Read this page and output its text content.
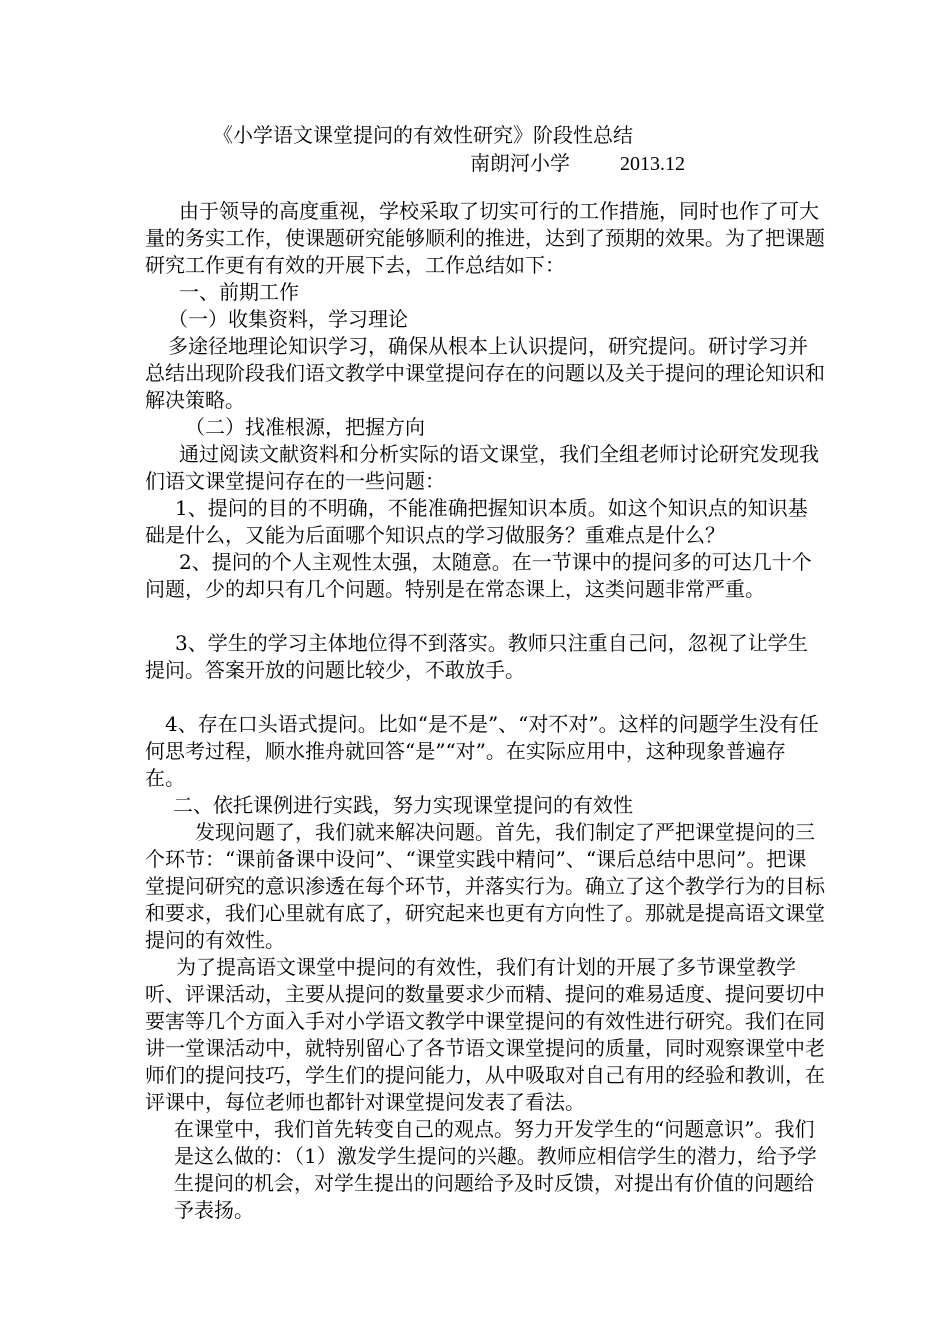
《小学语文课堂提问的有效性研究》阶段性总结
南朗河小学	2013.12

由于领导的高度重视，学校采取了切实可行的工作措施，同时也作了可大量的务实工作，使课题研究能够顺利的推进，达到了预期的效果。为了把课题研究工作更有有效的开展下去，工作总结如下：

一、前期工作

（一）收集资料，学习理论

多途径地理论知识学习，确保从根本上认识提问，研究提问。研讨学习并总结出现阶段我们语文教学中课堂提问存在的问题以及关于提问的理论知识和解决策略。

（二）找准根源，把握方向

通过阅读文献资料和分析实际的语文课堂，我们全组老师讨论研究发现我们语文课堂提问存在的一些问题：

1、提问的目的不明确，不能准确把握知识本质。如这个知识点的知识基础是什么，又能为后面哪个知识点的学习做服务？重难点是什么？

2、提问的个人主观性太强，太随意。在一节课中的提问多的可达几十个问题，少的却只有几个问题。特别是在常态课上，这类问题非常严重。

3、学生的学习主体地位得不到落实。教师只注重自己问，忽视了让学生提问。答案开放的问题比较少，不敢放手。

4、存在口头语式提问。比如“是不是”、“对不对”。这样的问题学生没有任何思考过程，顺水推舟就回答“是”“对”。在实际应用中，这种现象普遍存在。

二、依托课例进行实践，努力实现课堂提问的有效性

发现问题了，我们就来解决问题。首先，我们制定了严把课堂提问的三个环节：“课前备课中设问”、“课堂实践中精问”、“课后总结中思问”。把课堂提问研究的意识渗透在每个环节，并落实行为。确立了这个教学行为的目标和要求，我们心里就有底了，研究起来也更有方向性了。那就是提高语文课堂提问的有效性。

为了提高语文课堂中提问的有效性，我们有计划的开展了多节课堂教学听、评课活动，主要从提问的数量要求少而精、提问的难易适度、提问要切中要害等几个方面入手对小学语文教学中课堂提问的有效性进行研究。我们在同讲一堂课活动中，就特别留心了各节语文课堂提问的质量，同时观察课堂中老师们的提问技巧，学生们的提问能力，从中吸取对自己有用的经验和教训，在评课中，每位老师也都针对课堂提问发表了看法。

在课堂中，我们首先转变自己的观点。努力开发学生的“问题意识”。我们是这么做的：（1）激发学生提问的兴趣。教师应相信学生的潜力，给予学生提问的机会，对学生提出的问题给予及时反馈，对提出有价值的问题给予表扬。
